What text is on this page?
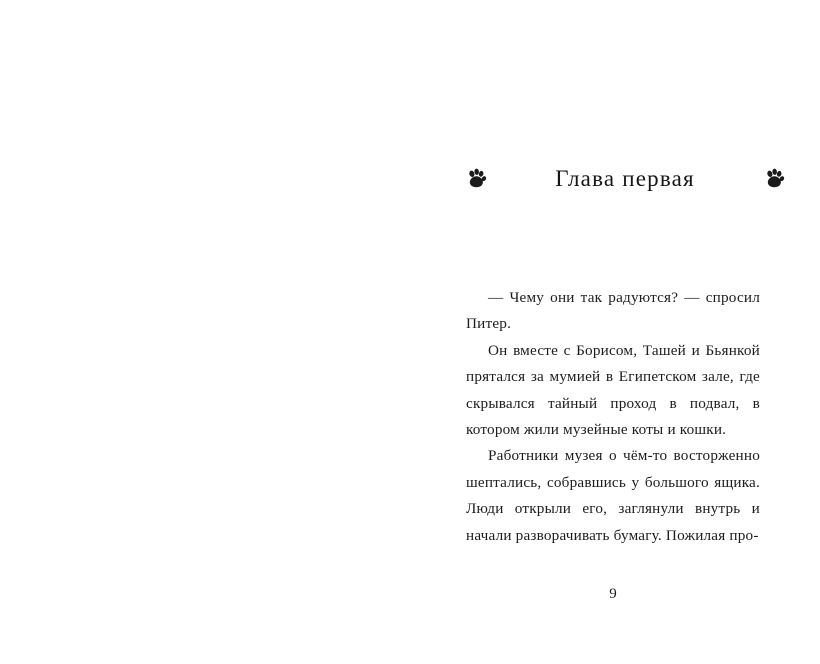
Глава первая

— Чему они так радуются? — спросил Питер.

Он вместе с Борисом, Ташей и Бьянкой прятался за мумией в Египетском зале, где скрывался тайный проход в подвал, в котором жили музейные коты и кошки.

Работники музея о чём-то восторженно шептались, собравшись у большого ящика. Люди открыли его, заглянули внутрь и начали разворачивать бумагу. Пожилая про-

9
